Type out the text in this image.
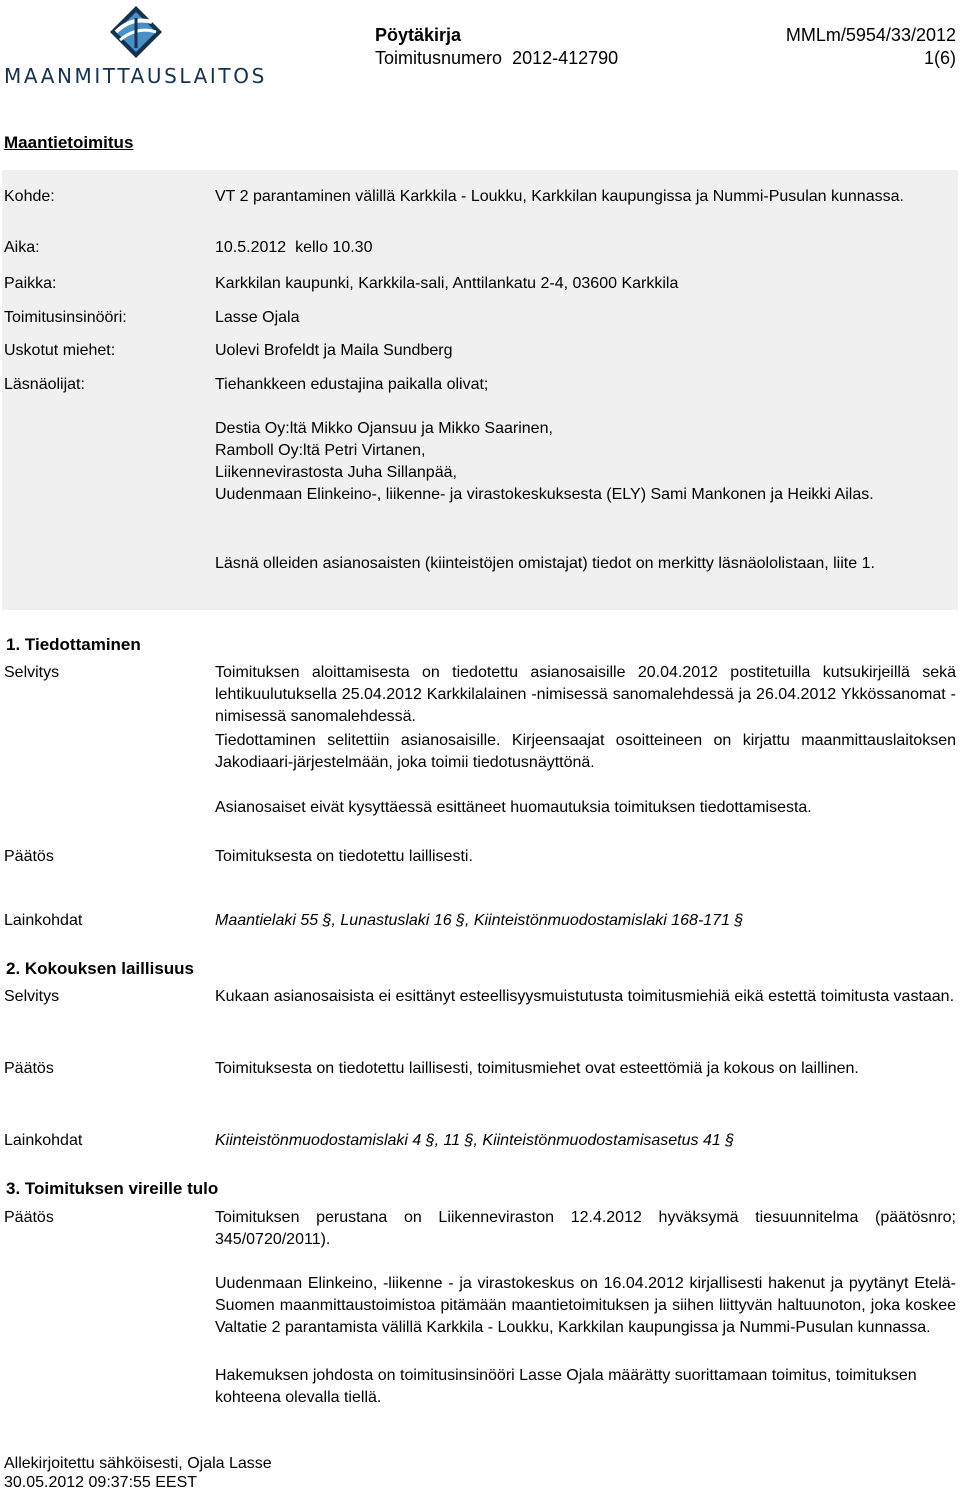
MAANMITTAUSLAITOS
Pöytäkirja	MMLm/5954/33/2012
Toimitusnumero 2012-412790	1(6)
Maantietoimitus
Kohde:	VT 2 parantaminen välillä Karkkila - Loukku, Karkkilan kaupungissa ja Nummi-Pusulan kunnassa.
Aika:	10.5.2012  kello 10.30
Paikka:	Karkkilan kaupunki, Karkkila-sali, Anttilankatu 2-4, 03600 Karkkila
Toimitusinsinööri:	Lasse Ojala
Uskotut miehet:	Uolevi Brofeldt ja Maila Sundberg
Läsnäolijat:	Tiehankkeen edustajina paikalla olivat;
Destia Oy:ltä Mikko Ojansuu ja Mikko Saarinen,
Ramboll Oy:ltä Petri Virtanen,
Liikennevirastosta Juha Sillanpää,
Uudenmaan Elinkeino-, liikenne- ja virastokeskuksesta (ELY) Sami Mankonen ja Heikki Ailas.
Läsnä olleiden asianosaisten (kiinteistöjen omistajat) tiedot on merkitty läsnäololistaan, liite 1.
1. Tiedottaminen
Selvitys	Toimituksen aloittamisesta on tiedotettu asianosaisille 20.04.2012 postitetuilla kutsukirjeillä sekä lehtikuulutuksella 25.04.2012 Karkkilalainen -nimisessä sanomalehdessä ja 26.04.2012 Ykkössanomat -nimisessä sanomalehdessä.
Tiedottaminen selitettiin asianosaisille. Kirjeensaajat osoitteineen on kirjattu maanmittauslaitoksen Jakodiaari-järjestelmään, joka toimii tiedotusnäyttönä.
Asianosaiset eivät kysyttäessä esittäneet huomautuksia toimituksen tiedottamisesta.
Päätös	Toimituksesta on tiedotettu laillisesti.
Lainkohdat	Maantielaki 55 §, Lunastuslaki 16 §, Kiinteistönmuodostamislaki 168-171 §
2. Kokouksen laillisuus
Selvitys	Kukaan asianosaisista ei esittänyt esteellisyysmuistutusta toimitusmiehiä eikä estettä toimitusta vastaan.
Päätös	Toimituksesta on tiedotettu laillisesti, toimitusmiehet ovat esteettömiä ja kokous on laillinen.
Lainkohdat	Kiinteistönmuodostamislaki 4 §, 11 §, Kiinteistönmuodostamisasetus 41 §
3. Toimituksen vireille tulo
Päätös	Toimituksen perustana on Liikenneviraston 12.4.2012 hyväksymä tiesuunnitelma (päätösnro; 345/0720/2011).
Uudenmaan Elinkeino, -liikenne - ja virastokeskus on 16.04.2012 kirjallisesti hakenut ja pyytänyt Etelä-Suomen maanmittaustoimistoa pitämään maantietoimituksen ja siihen liittyvän haltuunoton, joka koskee Valtatie 2 parantamista välillä Karkkila - Loukku, Karkkilan kaupungissa ja Nummi-Pusulan kunnassa.
Hakemuksen johdosta on toimitusinsinööri Lasse Ojala määrätty suorittamaan toimitus, toimituksen kohteena olevalla tiellä.
Allekirjoitettu sähköisesti, Ojala Lasse
30.05.2012 09:37:55 EEST
